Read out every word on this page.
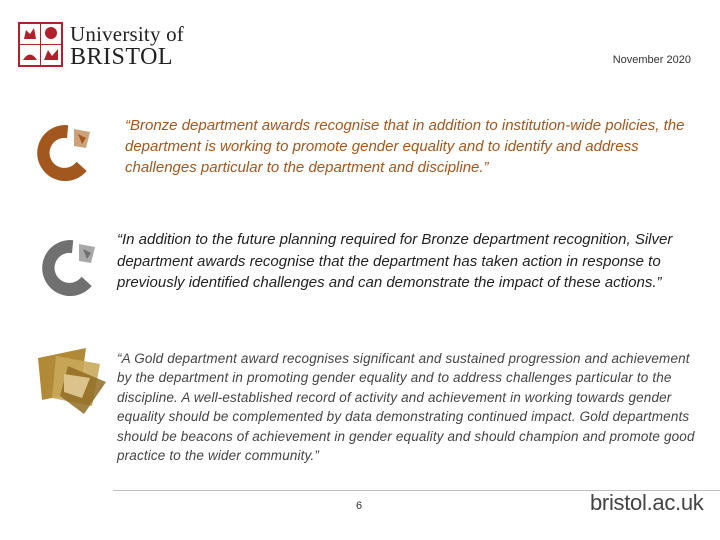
University of
BRISTOL	November 2020
“Bronze department awards recognise that in addition to institution-wide policies, the department is working to promote gender equality and to identify and address challenges particular to the department and discipline.”
“In addition to the future planning required for Bronze department recognition, Silver department awards recognise that the department has taken action in response to previously identified challenges and can demonstrate the impact of these actions.”
“A Gold department award recognises significant and sustained progression and achievement by the department in promoting gender equality and to address challenges particular to the discipline. A well-established record of activity and achievement in working towards gender equality should be complemented by data demonstrating continued impact. Gold departments should be beacons of achievement in gender equality and should champion and promote good practice to the wider community.”
6	bristol.ac.uk
